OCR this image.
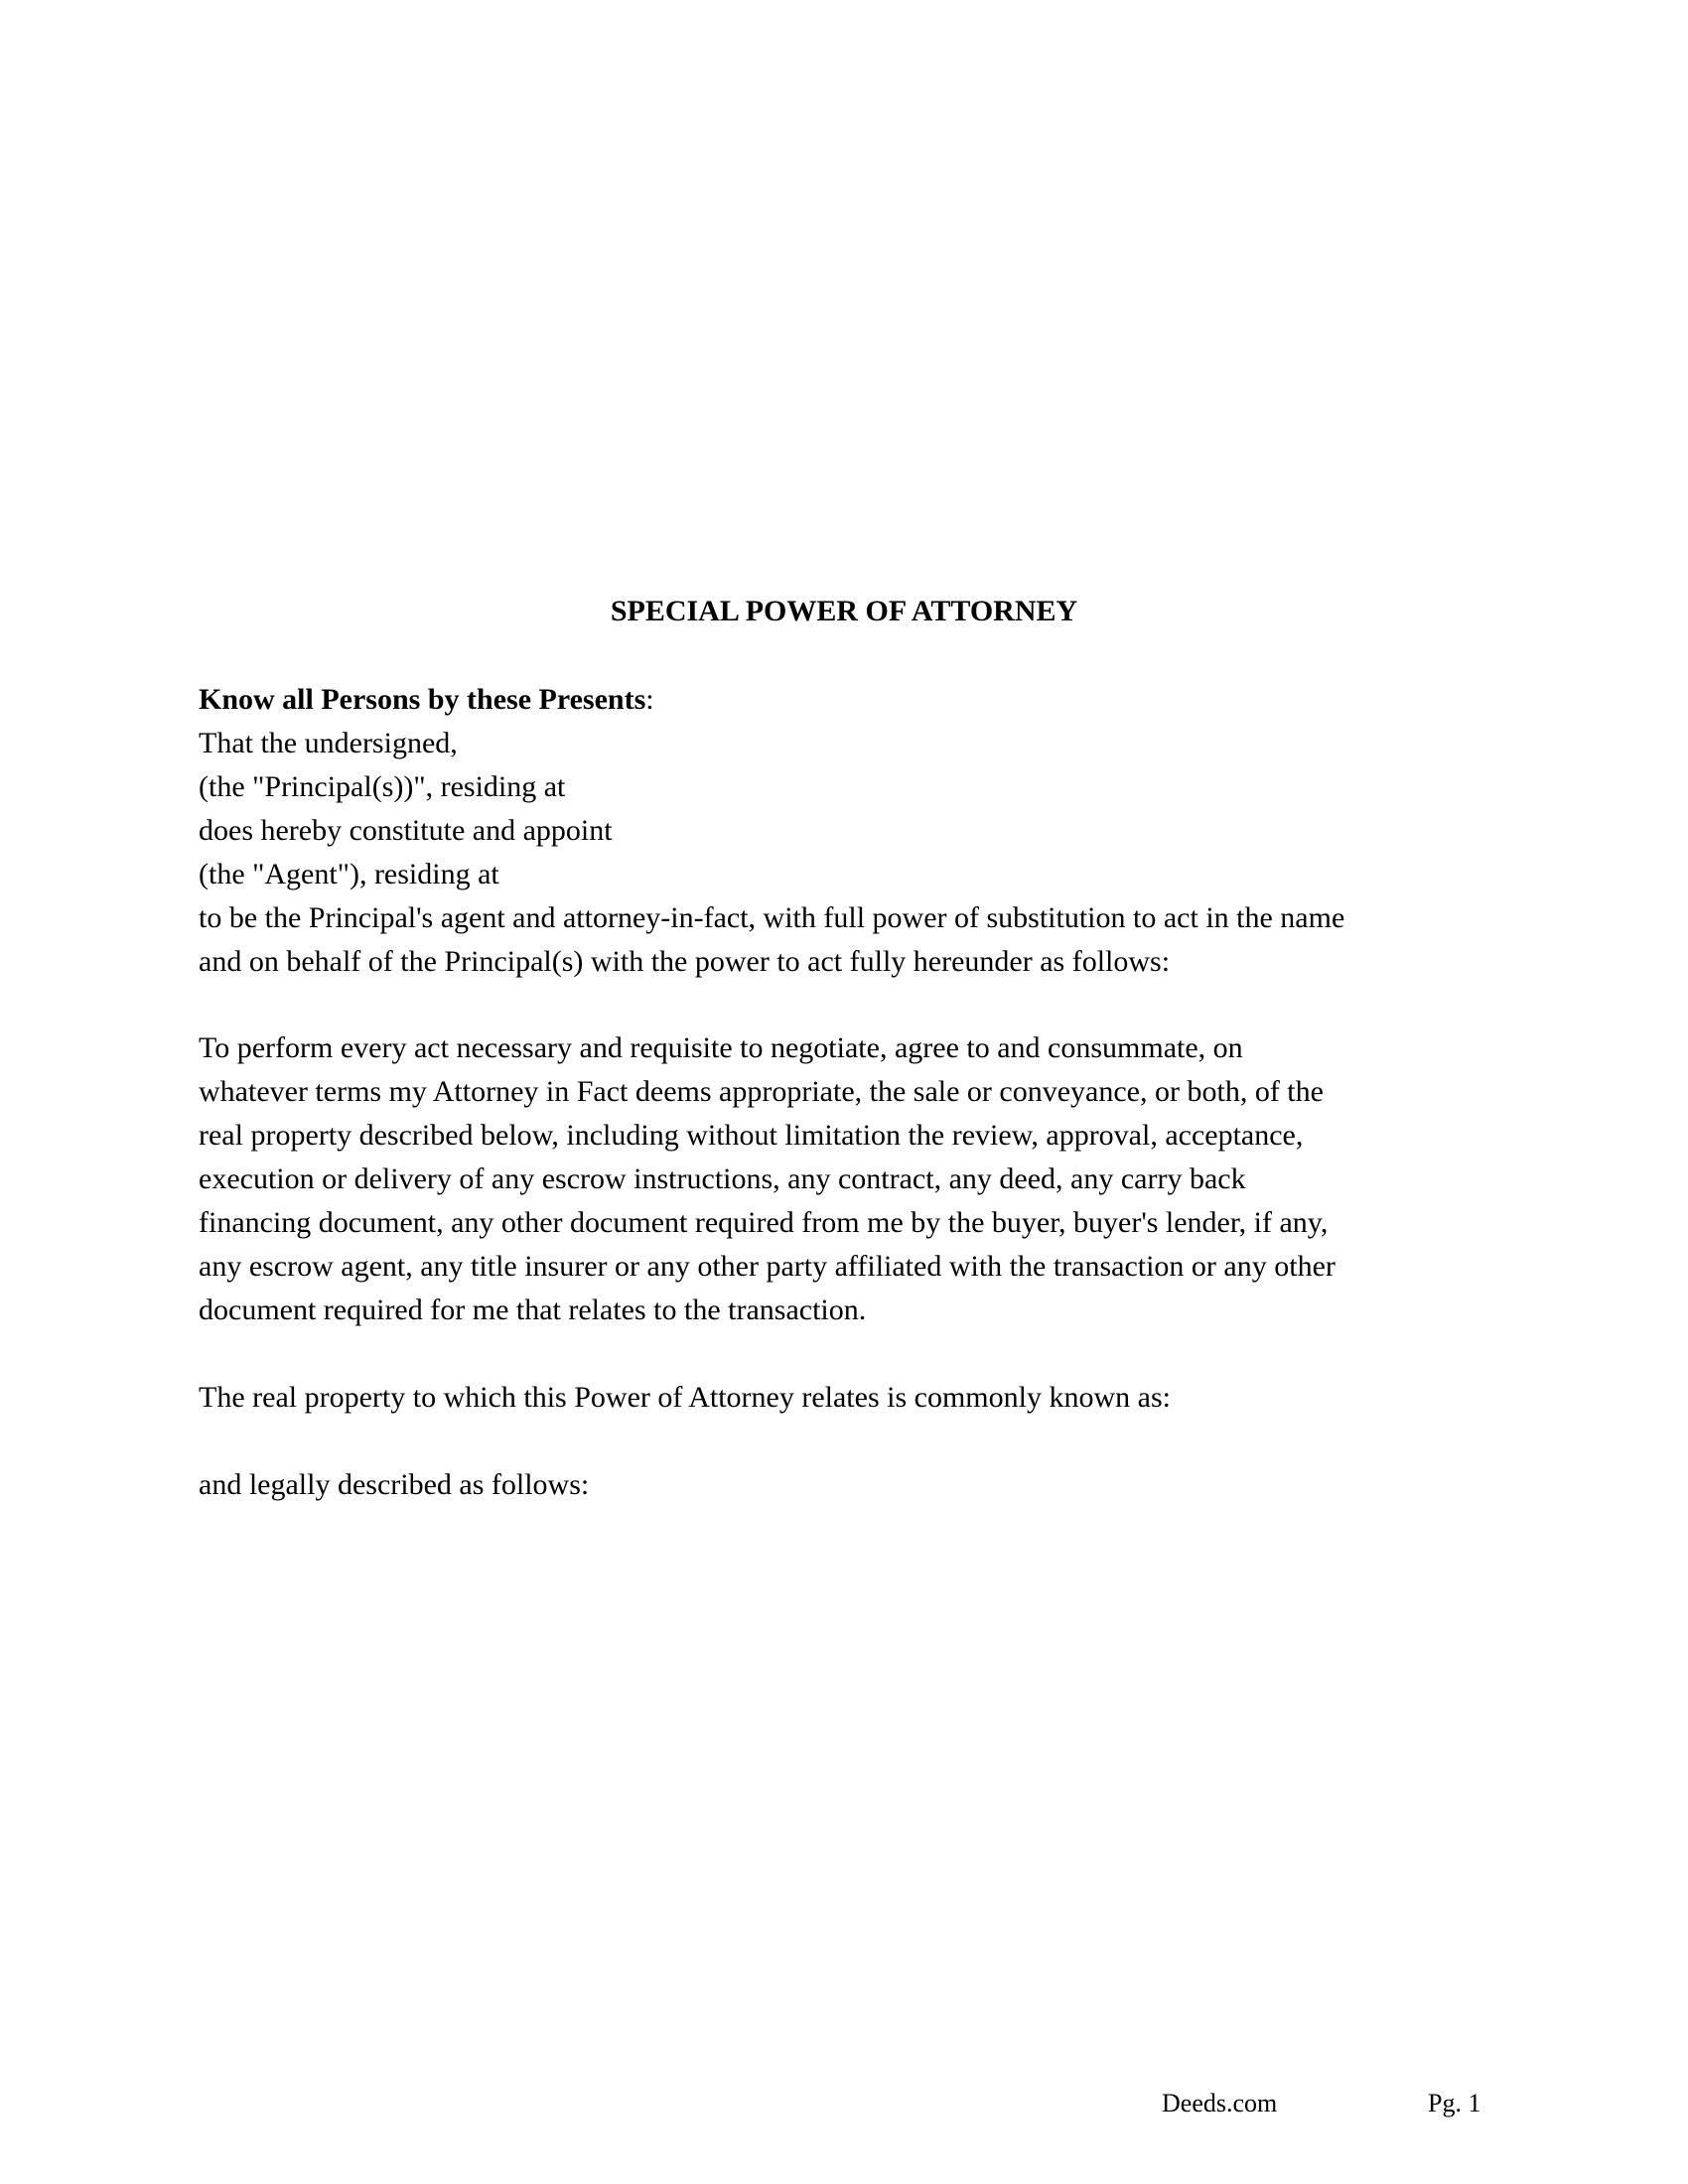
SPECIAL POWER OF ATTORNEY
Know all Persons by these Presents:
That the undersigned,
(the "Principal(s))", residing at
does hereby constitute and appoint
(the "Agent"), residing at
to be the Principal's agent and attorney-in-fact, with full power of substitution to act in the name
and on behalf of the Principal(s) with the power to act fully hereunder as follows:
To perform every act necessary and requisite to negotiate, agree to and consummate, on
whatever terms my Attorney in Fact deems appropriate, the sale or conveyance, or both, of the
real property described below, including without limitation the review, approval, acceptance,
execution or delivery of any escrow instructions, any contract, any deed, any carry back
financing document, any other document required from me by the buyer, buyer's lender, if any,
any escrow agent, any title insurer or any other party affiliated with the transaction or any other
document required for me that relates to the transaction.
The real property to which this Power of Attorney relates is commonly known as:
and legally described as follows:
Deeds.com	Pg. 1
